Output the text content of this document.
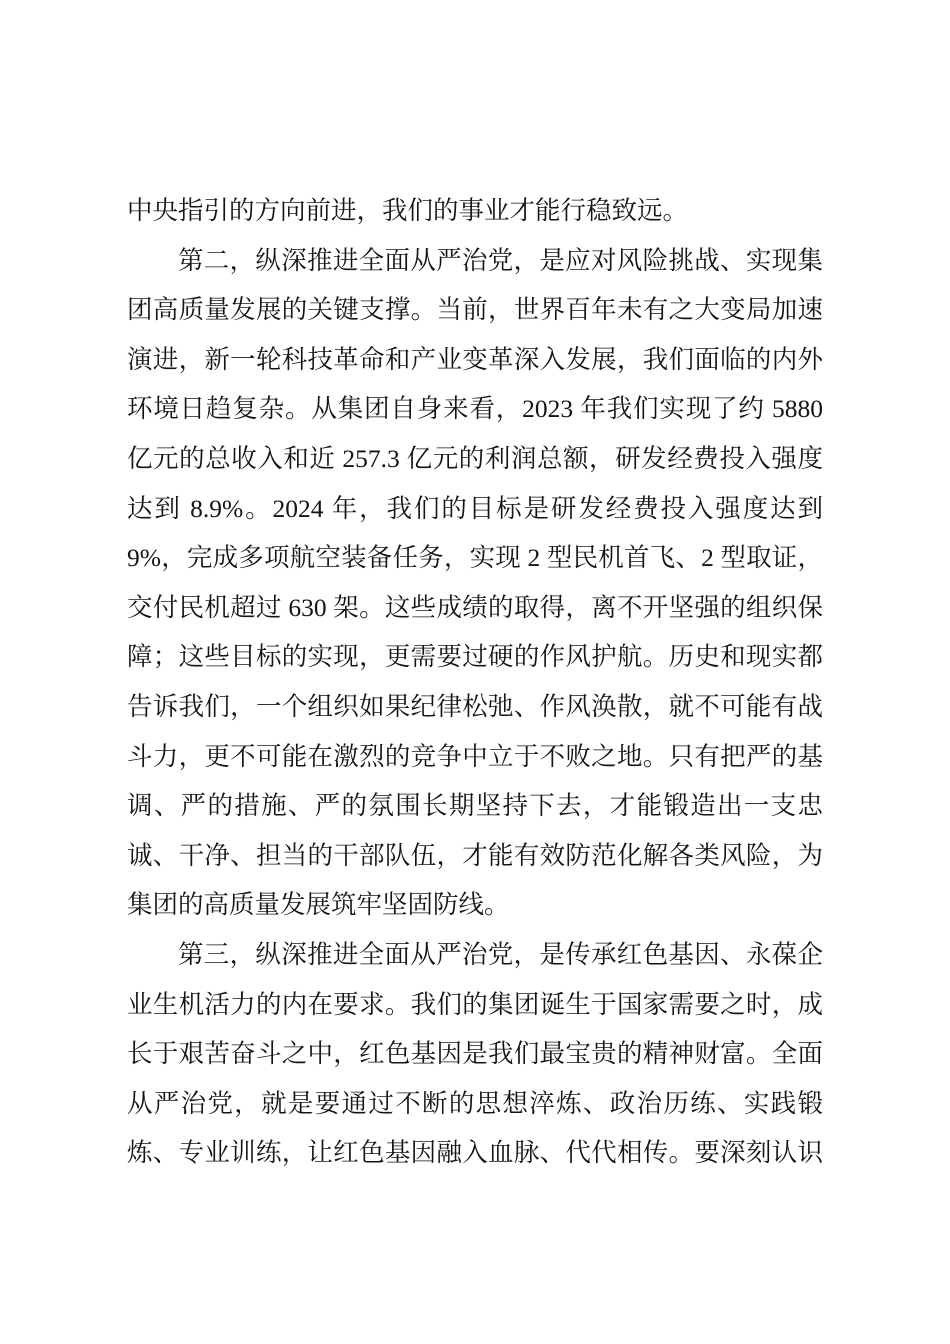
中央指引的方向前进，我们的事业才能行稳致远。
第二，纵深推进全面从严治党，是应对风险挑战、实现集
团高质量发展的关键支撑。当前，世界百年未有之大变局加速
演进，新一轮科技革命和产业变革深入发展，我们面临的内外
环境日趋复杂。从集团自身来看，2023 年我们实现了约 5880
亿元的总收入和近 257.3 亿元的利润总额，研发经费投入强度
达到 8.9%。2024 年，我们的目标是研发经费投入强度达到
9%，完成多项航空装备任务，实现 2 型民机首飞、2 型取证，
交付民机超过 630 架。这些成绩的取得，离不开坚强的组织保
障；这些目标的实现，更需要过硬的作风护航。历史和现实都
告诉我们，一个组织如果纪律松弛、作风涣散，就不可能有战
斗力，更不可能在激烈的竞争中立于不败之地。只有把严的基
调、严的措施、严的氛围长期坚持下去，才能锻造出一支忠
诚、干净、担当的干部队伍，才能有效防范化解各类风险，为
集团的高质量发展筑牢坚固防线。
第三，纵深推进全面从严治党，是传承红色基因、永葆企
业生机活力的内在要求。我们的集团诞生于国家需要之时，成
长于艰苦奋斗之中，红色基因是我们最宝贵的精神财富。全面
从严治党，就是要通过不断的思想淬炼、政治历练、实践锻
炼、专业训练，让红色基因融入血脉、代代相传。要深刻认识
